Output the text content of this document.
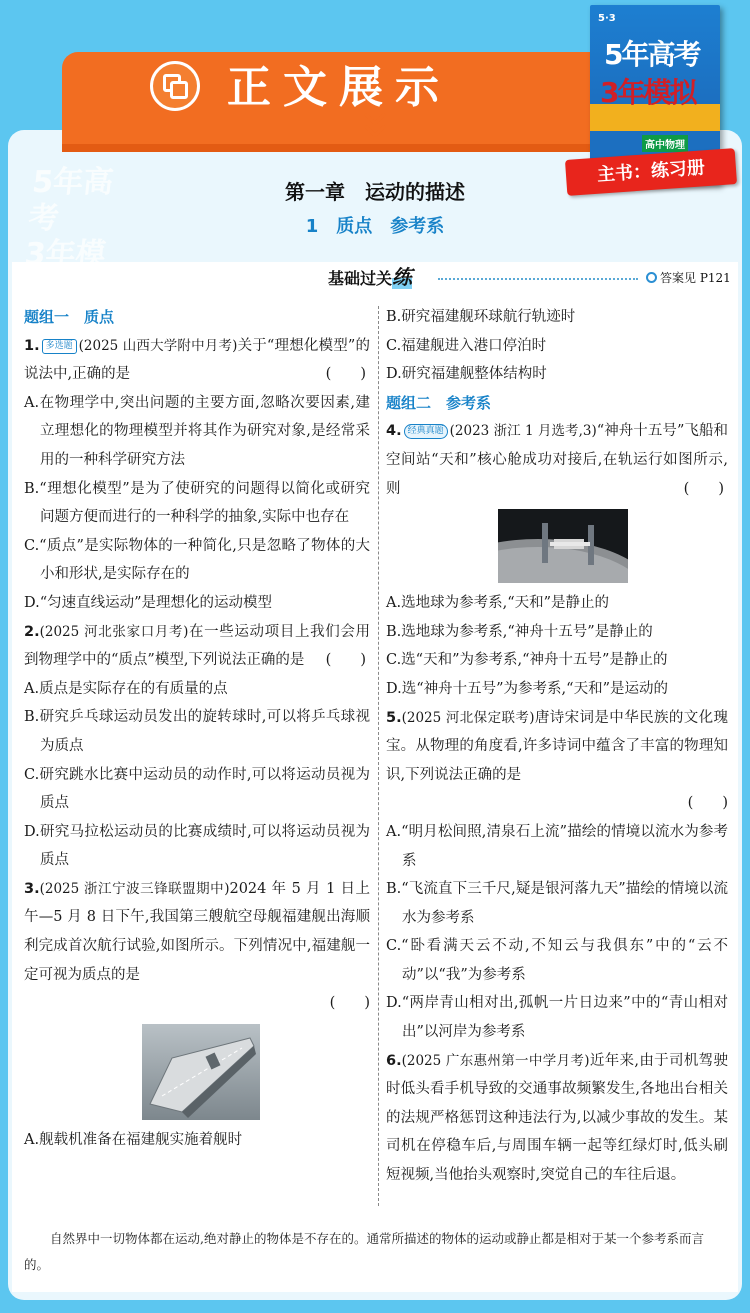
正文展示
5·3
5年高考
3年模拟
高中物理
主书：练习册
5年高考
3年模拟
第一章　运动的描述
1　质点　参考系
基础过关练	答案见 P121
题组一　质点
1. 多选题 (2025 山西大学附中月考)关于“理想化模型”的说法中,正确的是	(　　)
A.在物理学中,突出问题的主要方面,忽略次要因素,建立理想化的物理模型并将其作为研究对象,是经常采用的一种科学研究方法
B.“理想化模型”是为了使研究的问题得以简化或研究问题方便而进行的一种科学的抽象,实际中也存在
C.“质点”是实际物体的一种简化,只是忽略了物体的大小和形状,是实际存在的
D.“匀速直线运动”是理想化的运动模型
2.(2025 河北张家口月考)在一些运动项目上我们会用到物理学中的“质点”模型,下列说法正确的是 (　　)
A.质点是实际存在的有质量的点
B.研究乒乓球运动员发出的旋转球时,可以将乒乓球视为质点
C.研究跳水比赛中运动员的动作时,可以将运动员视为质点
D.研究马拉松运动员的比赛成绩时,可以将运动员视为质点
3.(2025 浙江宁波三锋联盟期中)2024 年 5 月 1 日上午—5 月 8 日下午,我国第三艘航空母舰福建舰出海顺利完成首次航行试验,如图所示。下列情况中,福建舰一定可视为质点的是
(　　)
A.舰载机准备在福建舰实施着舰时
B.研究福建舰环球航行轨迹时
C.福建舰进入港口停泊时
D.研究福建舰整体结构时
题组二　参考系
4. 经典真题 (2023 浙江 1 月选考,3)“神舟十五号”飞船和空间站“天和”核心舱成功对接后,在轨运行如图所示,则	(　　)
A.选地球为参考系,“天和”是静止的
B.选地球为参考系,“神舟十五号”是静止的
C.选“天和”为参考系,“神舟十五号”是静止的
D.选“神舟十五号”为参考系,“天和”是运动的
5.(2025 河北保定联考)唐诗宋词是中华民族的文化瑰宝。从物理的角度看,许多诗词中蕴含了丰富的物理知识,下列说法正确的是
(　　)
A.“明月松间照,清泉石上流”描绘的情境以流水为参考系
B.“飞流直下三千尺,疑是银河落九天”描绘的情境以流水为参考系
C.“卧看满天云不动,不知云与我俱东”中的“云不动”以“我”为参考系
D.“两岸青山相对出,孤帆一片日边来”中的“青山相对出”以河岸为参考系
6.(2025 广东惠州第一中学月考)近年来,由于司机驾驶时低头看手机导致的交通事故频繁发生,各地出台相关的法规严格惩罚这种违法行为,以减少事故的发生。某司机在停稳车后,与周围车辆一起等红绿灯时,低头刷短视频,当他抬头观察时,突觉自己的车往后退。
自然界中一切物体都在运动,绝对静止的物体是不存在的。通常所描述的物体的运动或静止都是相对于某一个参考系而言的。
